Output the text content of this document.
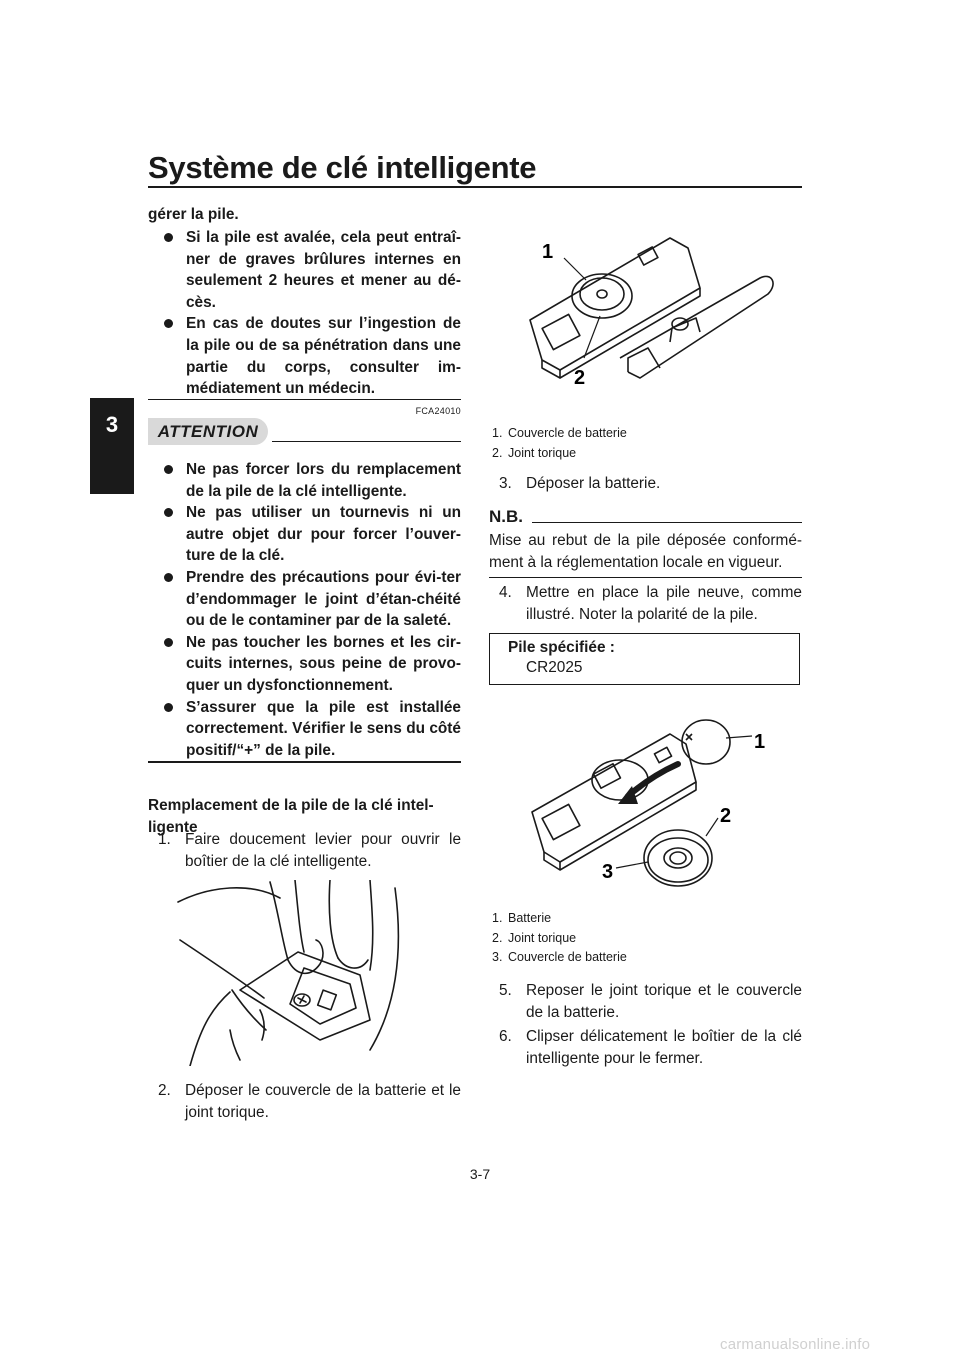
Système de clé intelligente
3
gérer la pile.
Si la pile est avalée, cela peut entraî-ner de graves brûlures internes en seulement 2 heures et mener au dé-cès.
En cas de doutes sur l’ingestion de la pile ou de sa pénétration dans une partie du corps, consulter im-médiatement un médecin.
FCA24010
ATTENTION
Ne pas forcer lors du remplacement de la pile de la clé intelligente.
Ne pas utiliser un tournevis ni un autre objet dur pour forcer l’ouver-ture de la clé.
Prendre des précautions pour évi-ter d’endommager le joint d’étan-chéité ou de le contaminer par de la saleté.
Ne pas toucher les bornes et les cir-cuits internes, sous peine de provo-quer un dysfonctionnement.
S’assurer que la pile est installée correctement. Vérifier le sens du côté positif/“+” de la pile.
Remplacement de la pile de la clé intel-ligente
1. Faire doucement levier pour ouvrir le boîtier de la clé intelligente.
2. Déposer le couvercle de la batterie et le joint torique.
1
2
1. Couvercle de batterie
2. Joint torique
3. Déposer la batterie.
N.B.
Mise au rebut de la pile déposée conformé-ment à la réglementation locale en vigueur.
4. Mettre en place la pile neuve, comme illustré. Noter la polarité de la pile.
Pile spécifiée :
CR2025
1
2
3
1. Batterie
2. Joint torique
3. Couvercle de batterie
5. Reposer le joint torique et le couvercle de la batterie.
6. Clipser délicatement le boîtier de la clé intelligente pour le fermer.
3-7
carmanualsonline.info
